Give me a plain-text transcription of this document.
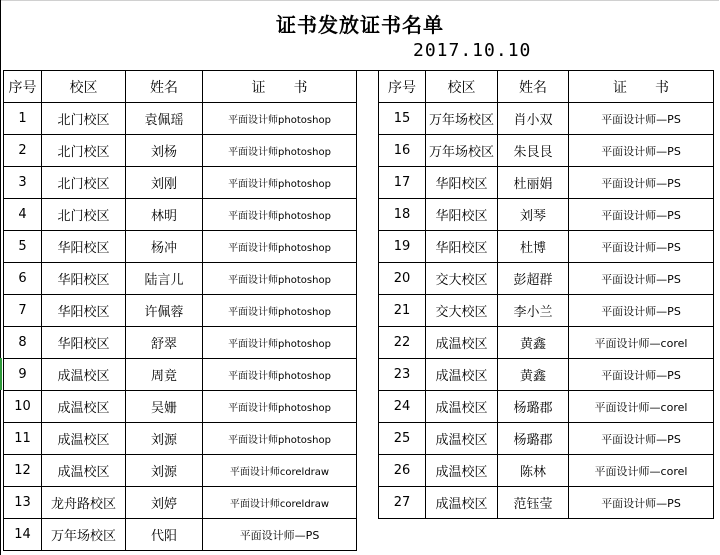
证书发放证书名单
2017.10.10
序号	校区	姓名	证　　书
1	北门校区	袁佩瑶	平面设计师photoshop
2	北门校区	刘杨	平面设计师photoshop
3	北门校区	刘刚	平面设计师photoshop
4	北门校区	林明	平面设计师photoshop
5	华阳校区	杨冲	平面设计师photoshop
6	华阳校区	陆言儿	平面设计师photoshop
7	华阳校区	许佩蓉	平面设计师photoshop
8	华阳校区	舒翠	平面设计师photoshop
9	成温校区	周竟	平面设计师photoshop
10	成温校区	吴姗	平面设计师photoshop
11	成温校区	刘源	平面设计师photoshop
12	成温校区	刘源	平面设计师coreldraw
13	龙舟路校区	刘婷	平面设计师coreldraw
14	万年场校区	代阳	平面设计师—PS
序号	校区	姓名	证　　书
15	万年场校区	肖小双	平面设计师—PS
16	万年场校区	朱艮艮	平面设计师—PS
17	华阳校区	杜丽娟	平面设计师—PS
18	华阳校区	刘琴	平面设计师—PS
19	华阳校区	杜博	平面设计师—PS
20	交大校区	彭超群	平面设计师—PS
21	交大校区	李小兰	平面设计师—PS
22	成温校区	黄鑫	平面设计师—corel
23	成温校区	黄鑫	平面设计师—PS
24	成温校区	杨璐郡	平面设计师—corel
25	成温校区	杨璐郡	平面设计师—PS
26	成温校区	陈林	平面设计师—corel
27	成温校区	范钰莹	平面设计师—PS
